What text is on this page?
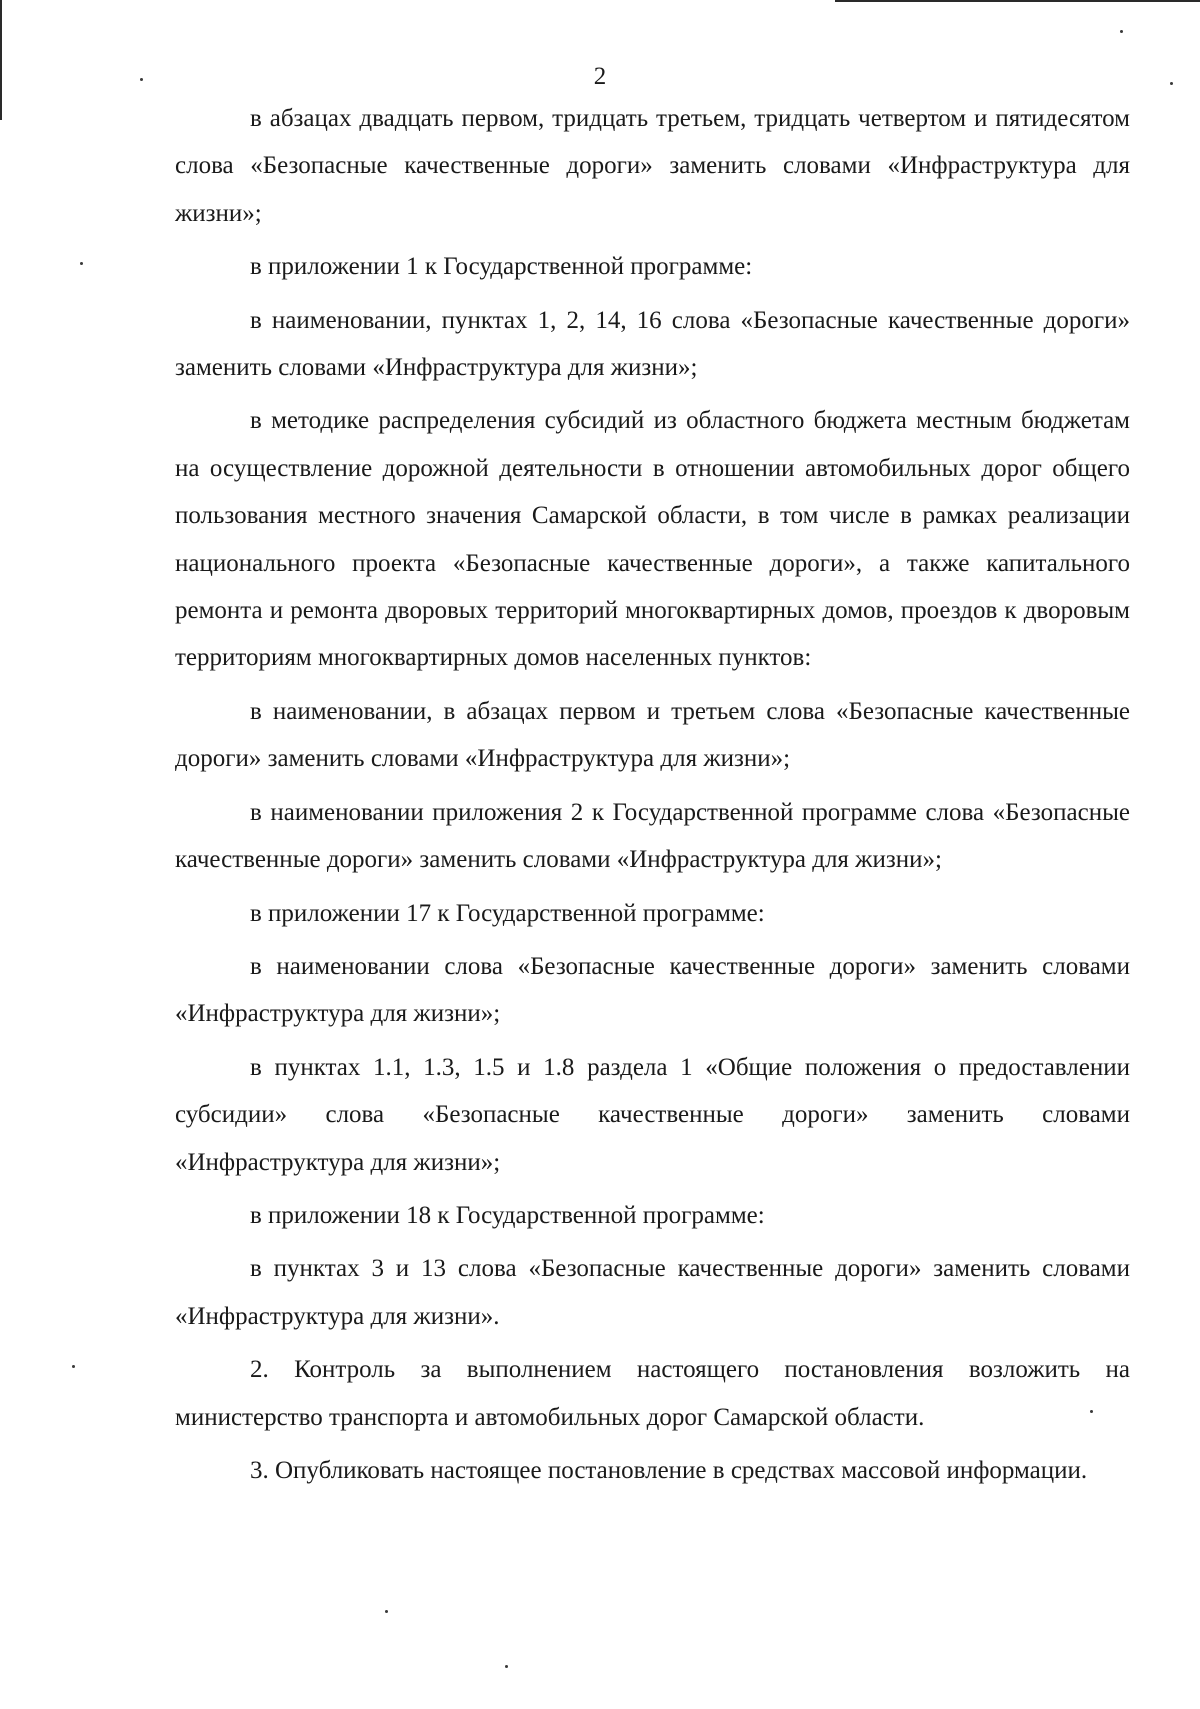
2

в абзацах двадцать первом, тридцать третьем, тридцать четвертом и пятидесятом слова «Безопасные качественные дороги» заменить словами «Инфраструктура для жизни»;

в приложении 1 к Государственной программе:

в наименовании, пунктах 1, 2, 14, 16 слова «Безопасные качественные дороги» заменить словами «Инфраструктура для жизни»;

в методике распределения субсидий из областного бюджета местным бюджетам на осуществление дорожной деятельности в отношении автомобильных дорог общего пользования местного значения Самарской области, в том числе в рамках реализации национального проекта «Безопасные качественные дороги», а также капитального ремонта и ремонта дворовых территорий многоквартирных домов, проездов к дворовым территориям многоквартирных домов населенных пунктов:

в наименовании, в абзацах первом и третьем слова «Безопасные качественные дороги» заменить словами «Инфраструктура для жизни»;

в наименовании приложения 2 к Государственной программе слова «Безопасные качественные дороги» заменить словами «Инфраструктура для жизни»;

в приложении 17 к Государственной программе:

в наименовании слова «Безопасные качественные дороги» заменить словами «Инфраструктура для жизни»;

в пунктах 1.1, 1.3, 1.5 и 1.8 раздела 1 «Общие положения о предоставлении субсидии» слова «Безопасные качественные дороги» заменить словами «Инфраструктура для жизни»;

в приложении 18 к Государственной программе:

в пунктах 3 и 13 слова «Безопасные качественные дороги» заменить словами «Инфраструктура для жизни».

2. Контроль за выполнением настоящего постановления возложить на министерство транспорта и автомобильных дорог Самарской области.

3. Опубликовать настоящее постановление в средствах массовой информации.
